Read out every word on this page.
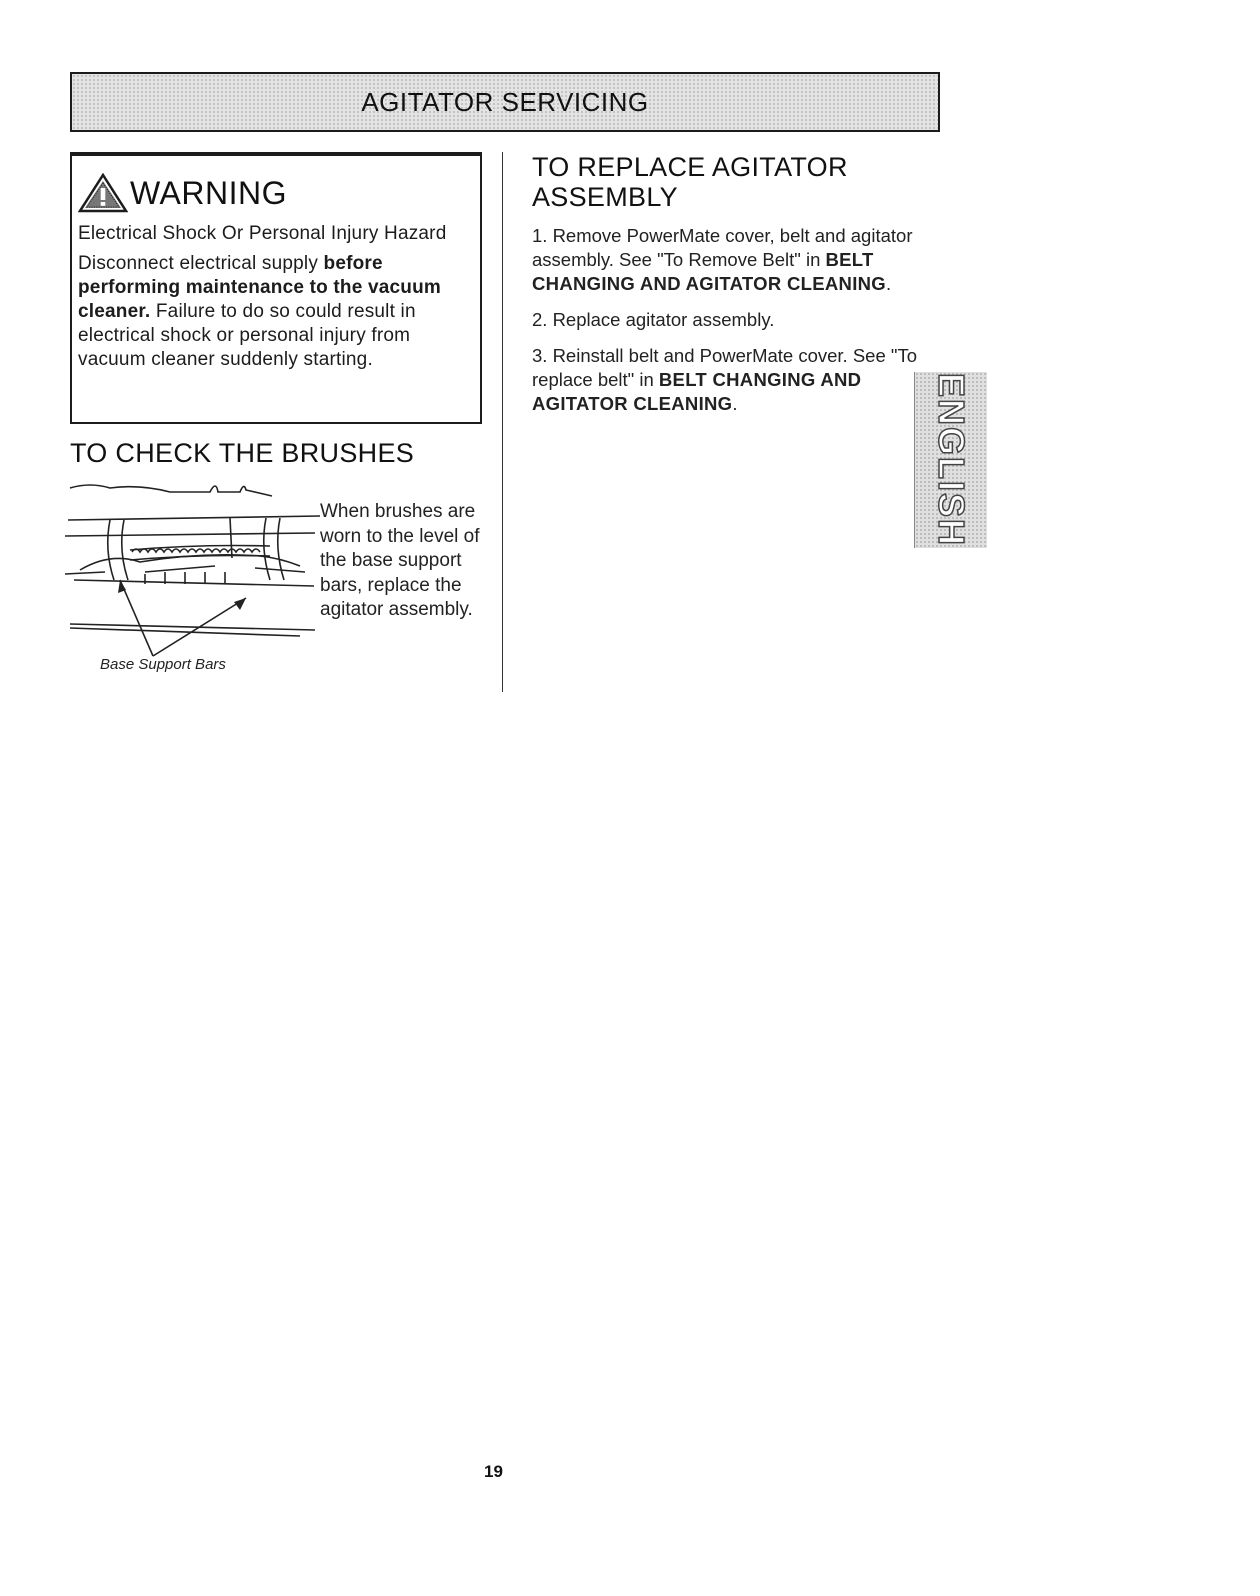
AGITATOR SERVICING
WARNING

Electrical Shock Or Personal Injury Hazard

Disconnect electrical supply before performing maintenance to the vacuum cleaner. Failure to do so could result in electrical shock or personal injury from vacuum cleaner suddenly starting.

TO CHECK THE BRUSHES
Base Support Bars
When brushes are worn to the level of the base support bars, replace the agitator assembly.
TO REPLACE AGITATOR ASSEMBLY

1. Remove PowerMate cover, belt and agitator assembly. See "To Remove Belt" in BELT CHANGING AND AGITATOR CLEANING.

2. Replace agitator assembly.

3. Reinstall belt and PowerMate cover. See "To replace belt" in BELT CHANGING AND AGITATOR CLEANING.	ENGLISH
19
